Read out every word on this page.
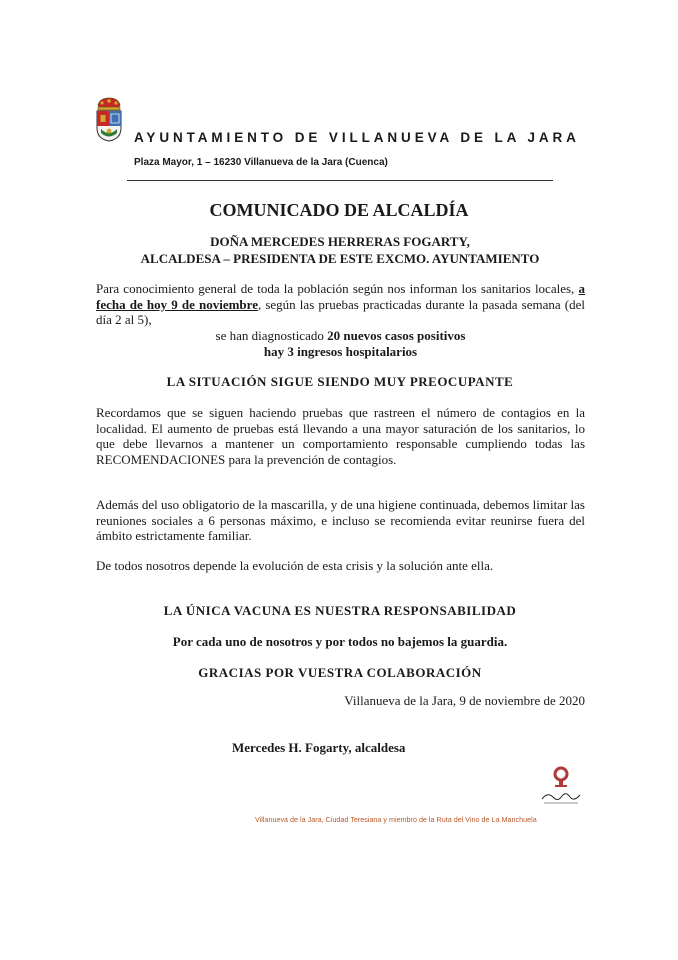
AYUNTAMIENTO DE VILLANUEVA DE LA JARA
Plaza Mayor, 1 – 16230 Villanueva de la Jara (Cuenca)
COMUNICADO DE ALCALDÍA
DOÑA MERCEDES HERRERAS FOGARTY,
ALCALDESA – PRESIDENTA DE ESTE EXCMO. AYUNTAMIENTO
Para conocimiento general de toda la población según nos informan los sanitarios locales, a fecha de hoy 9 de noviembre, según las pruebas practicadas durante la pasada semana (del día 2 al 5),
se han diagnosticado 20 nuevos casos positivos
hay 3 ingresos hospitalarios
LA SITUACIÓN SIGUE SIENDO MUY PREOCUPANTE
Recordamos que se siguen haciendo pruebas que rastreen el número de contagios en la localidad. El aumento de pruebas está llevando a una mayor saturación de los sanitarios, lo que debe llevarnos a mantener un comportamiento responsable cumpliendo todas las RECOMENDACIONES para la prevención de contagios.
Además del uso obligatorio de la mascarilla, y de una higiene continuada, debemos limitar las reuniones sociales a 6 personas máximo, e incluso se recomienda evitar reunirse fuera del ámbito estrictamente familiar.
De todos nosotros depende la evolución de esta crisis y la solución ante ella.
LA ÚNICA VACUNA ES NUESTRA RESPONSABILIDAD
Por cada uno de nosotros y por todos no bajemos la guardia.
GRACIAS POR VUESTRA COLABORACIÓN
Villanueva de la Jara, 9 de noviembre de 2020
Mercedes H. Fogarty, alcaldesa
Villanueva de la Jara, Ciudad Teresiana y miembro de la Ruta del Vino de La Manchuela
